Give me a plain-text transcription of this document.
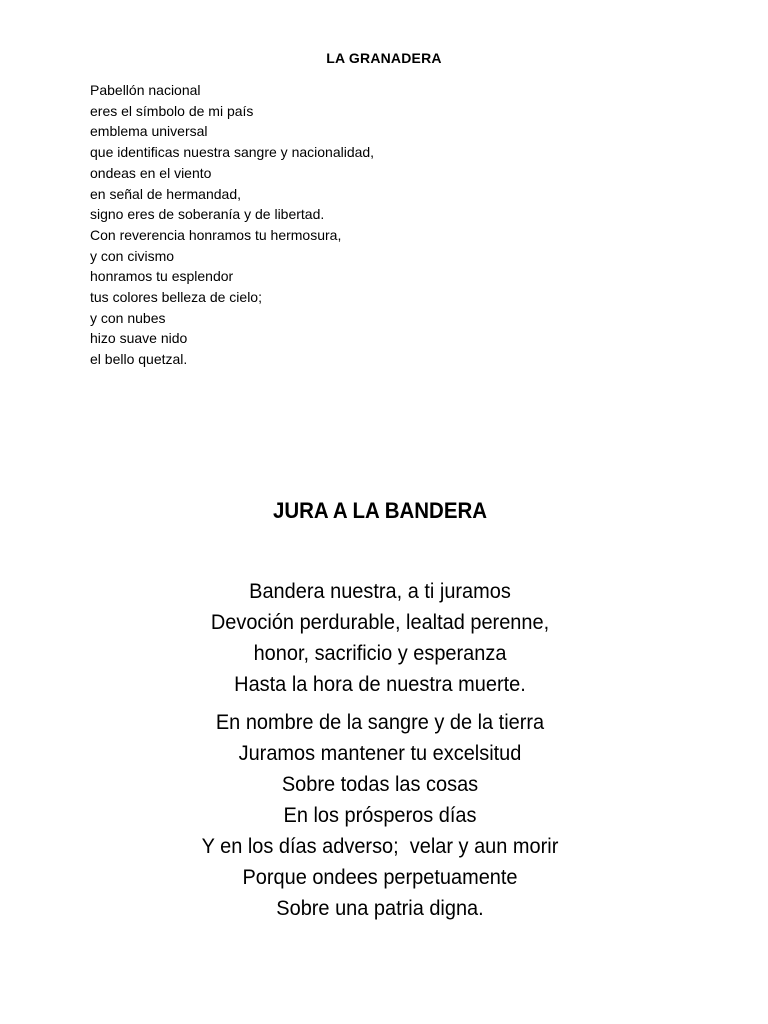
LA GRANADERA
Pabellón nacional
eres el símbolo de mi país
emblema universal
que identificas nuestra sangre y nacionalidad,
ondeas en el viento
en señal de hermandad,
signo eres de soberanía y de libertad.
Con reverencia honramos tu hermosura,
y con civismo
honramos tu esplendor
tus colores belleza de cielo;
y con nubes
hizo suave nido
el bello quetzal.
JURA A LA BANDERA
Bandera nuestra, a ti juramos
Devoción perdurable, lealtad perenne,
honor, sacrificio y esperanza
Hasta la hora de nuestra muerte.
En nombre de la sangre y de la tierra
Juramos mantener tu excelsitud
Sobre todas las cosas
En los prósperos días
Y en los días adverso;  velar y aun morir
Porque ondees perpetuamente
Sobre una patria digna.
